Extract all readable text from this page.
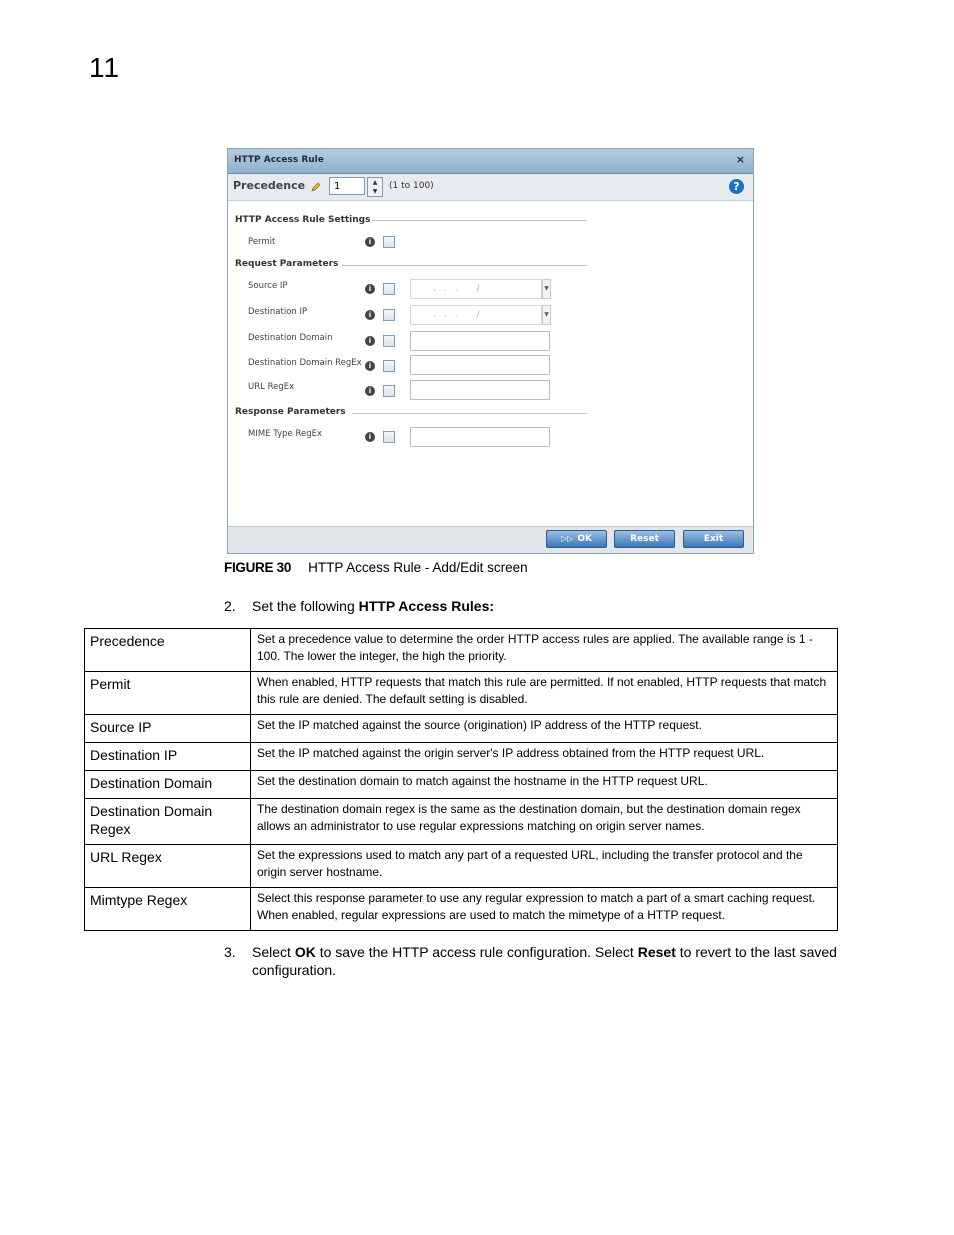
11
HTTP Access Rule	×
Precedence	1	▲
▼
(1 to 100)	?
HTTP Access Rule Settings
Permit	i
Request Parameters
Source IP	i	... /	▼
Destination IP	i	... /	▼
Destination Domain	i
Destination Domain RegEx	i
URL RegEx	i
Response Parameters
MIME Type RegEx	i
▷▷ OK	Reset	Exit
FIGURE 30 HTTP Access Rule - Add/Edit screen
2. Set the following HTTP Access Rules:
Precedence	Set a precedence value to determine the order HTTP access rules are applied. The available range is 1 - 100. The lower the integer, the high the priority.
Permit	When enabled, HTTP requests that match this rule are permitted. If not enabled, HTTP requests that match this rule are denied. The default setting is disabled.
Source IP	Set the IP matched against the source (origination) IP address of the HTTP request.
Destination IP	Set the IP matched against the origin server's IP address obtained from the HTTP request URL.
Destination Domain	Set the destination domain to match against the hostname in the HTTP request URL.
Destination Domain Regex	The destination domain regex is the same as the destination domain, but the destination domain regex allows an administrator to use regular expressions matching on origin server names.
URL Regex	Set the expressions used to match any part of a requested URL, including the transfer protocol and the origin server hostname.
Mimtype Regex	Select this response parameter to use any regular expression to match a part of a smart caching request. When enabled, regular expressions are used to match the mimetype of a HTTP request.
3. Select OK to save the HTTP access rule configuration. Select Reset to revert to the last saved configuration.
